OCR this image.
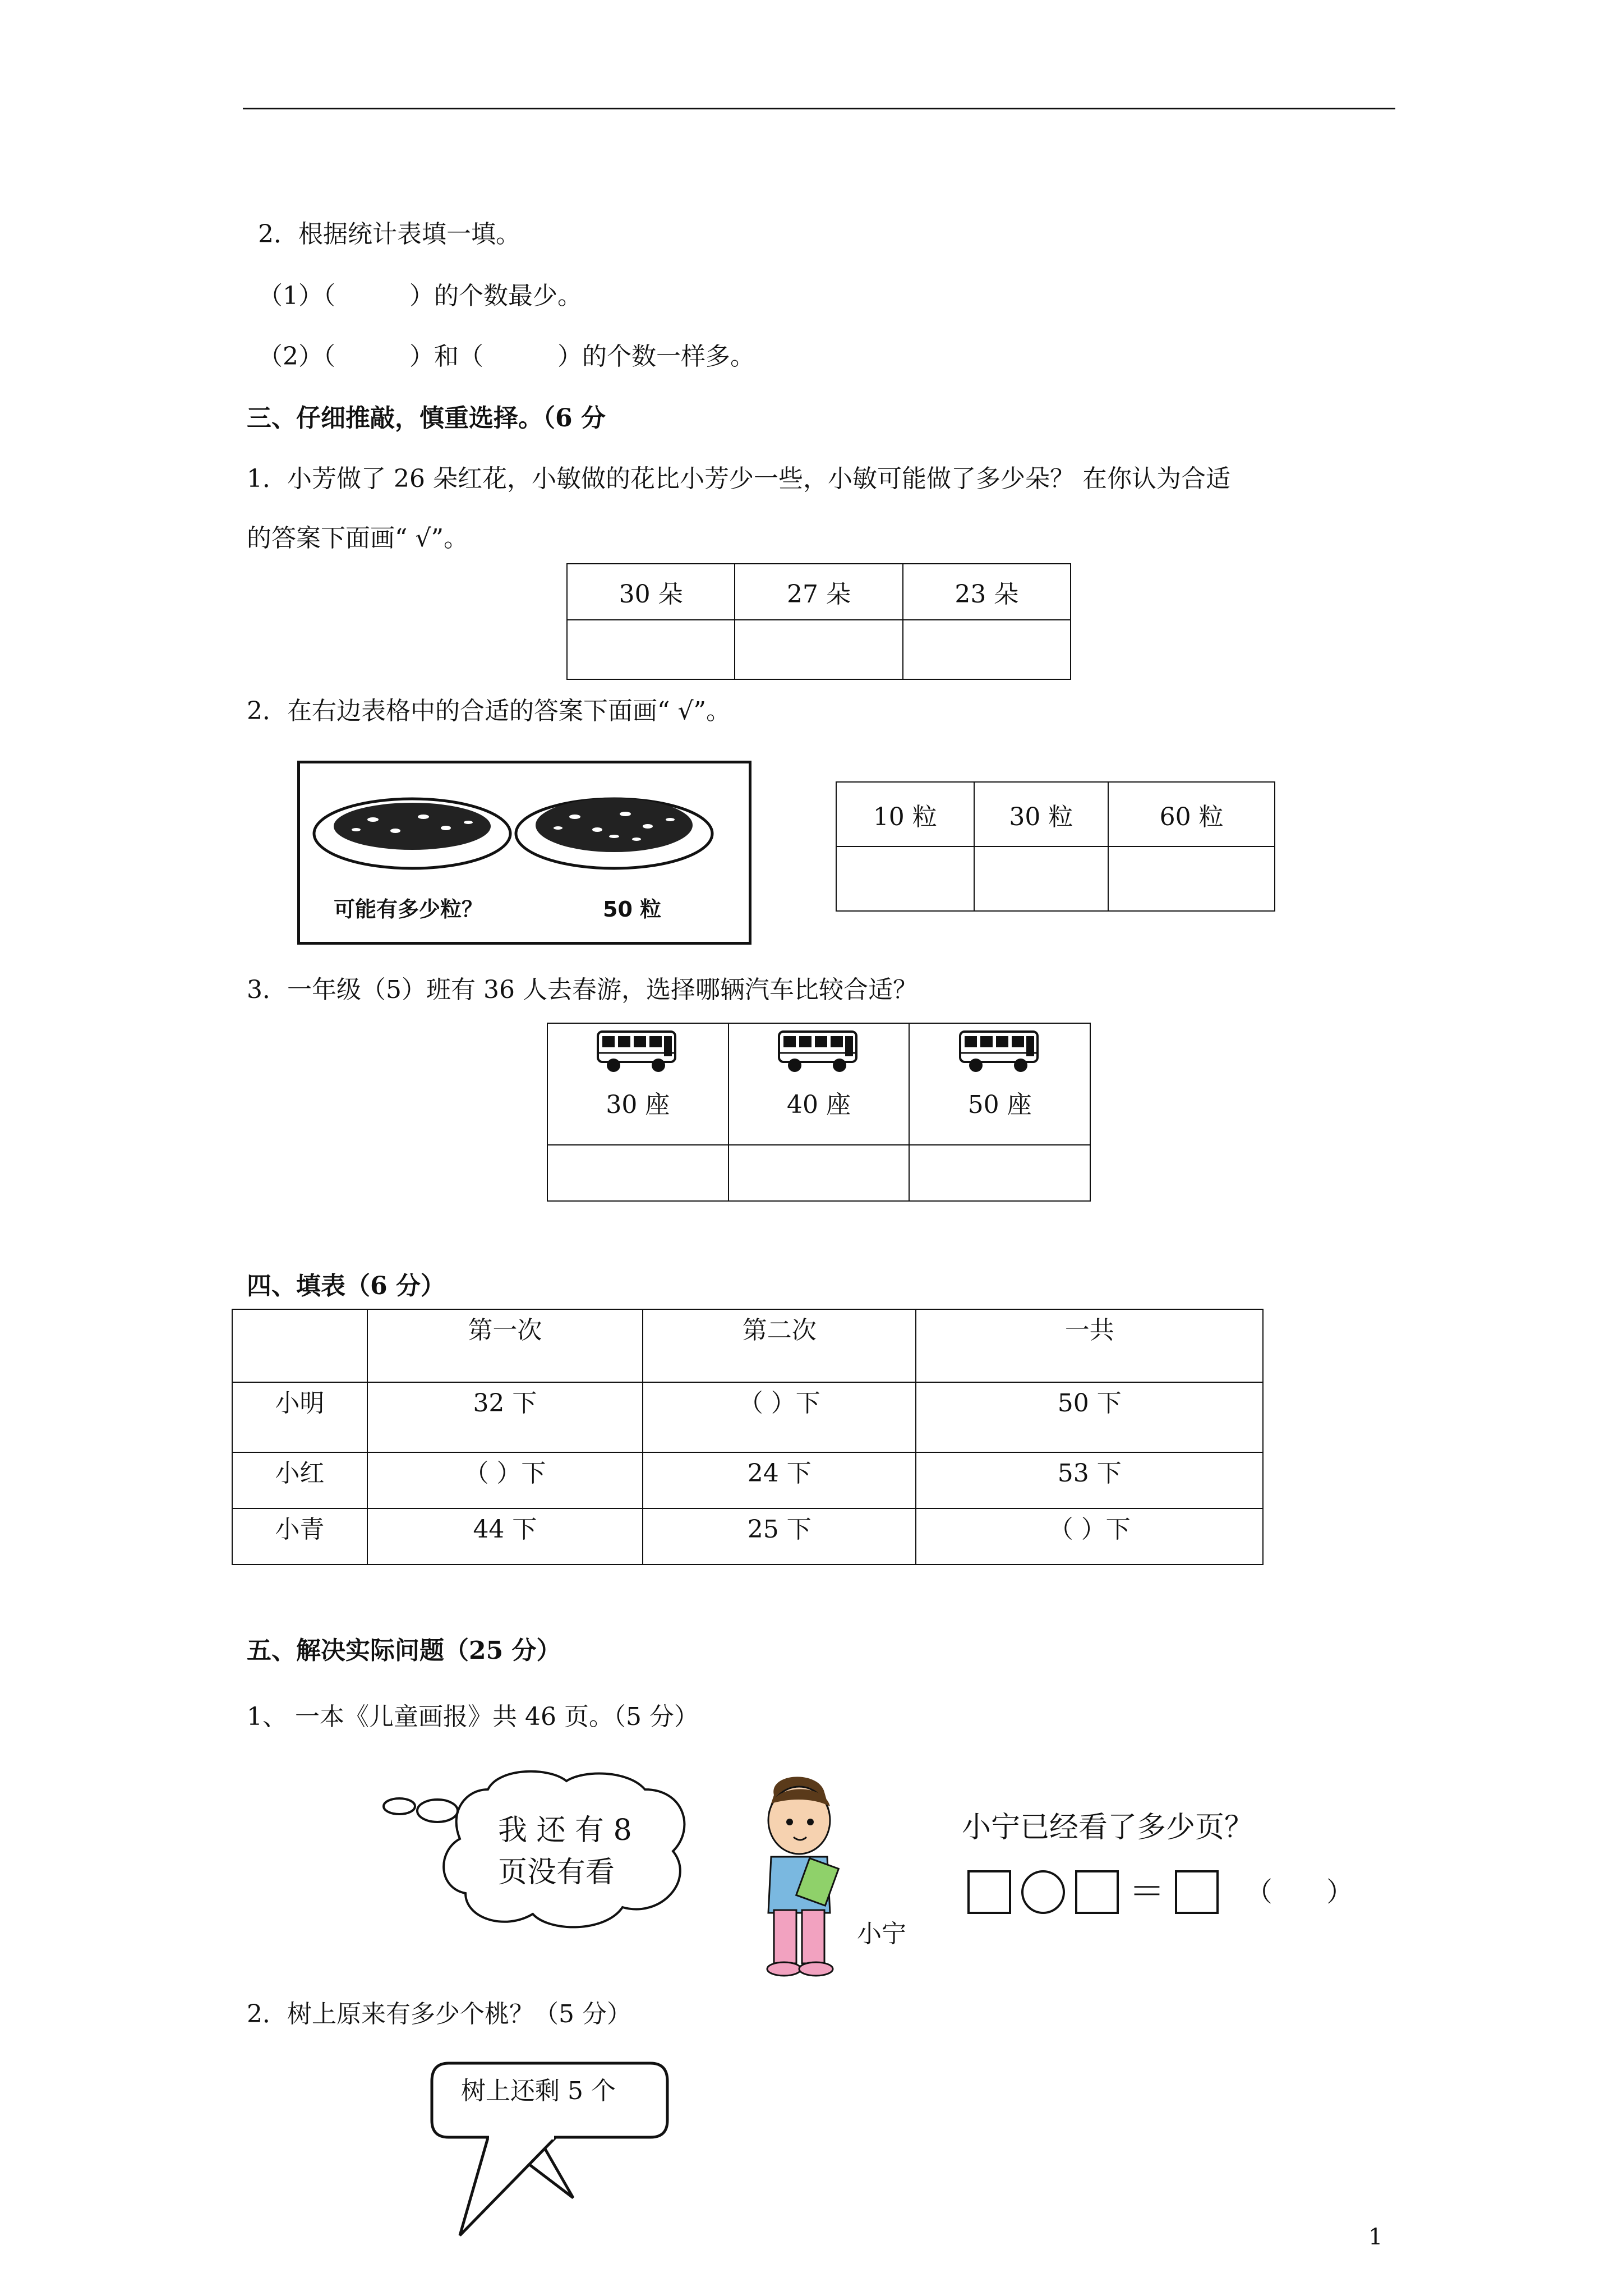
2．根据统计表填一填。
（1）（　　　）的个数最少。
（2）（　　　）和（　　　）的个数一样多。
三、仔细推敲，慎重选择。（6 分
1．小芳做了 26 朵红花，小敏做的花比小芳少一些，小敏可能做了多少朵？ 在你认为合适
的答案下面画“ √”。
30 朵	27 朵	23 朵

2．在右边表格中的合适的答案下面画“ √”。
可能有多少粒？	50 粒
10 粒	30 粒	60 粒

3．一年级（5）班有 36 人去春游，选择哪辆汽车比较合适？
30 座	40 座	50 座

四、填表（6 分）
	第一次	第二次	一共
小明	32 下	（ ）下	50 下
小红	（ ）下	24 下	53 下
小青	44 下	25 下	（ ）下
五、解决实际问题（25 分）
1、 一本《儿童画报》共 46 页。（5 分）
我 还 有 8
页没有看
小宁
小宁已经看了多少页？
＝	（　　）
2．树上原来有多少个桃？（5 分）
树上还剩 5 个
1
